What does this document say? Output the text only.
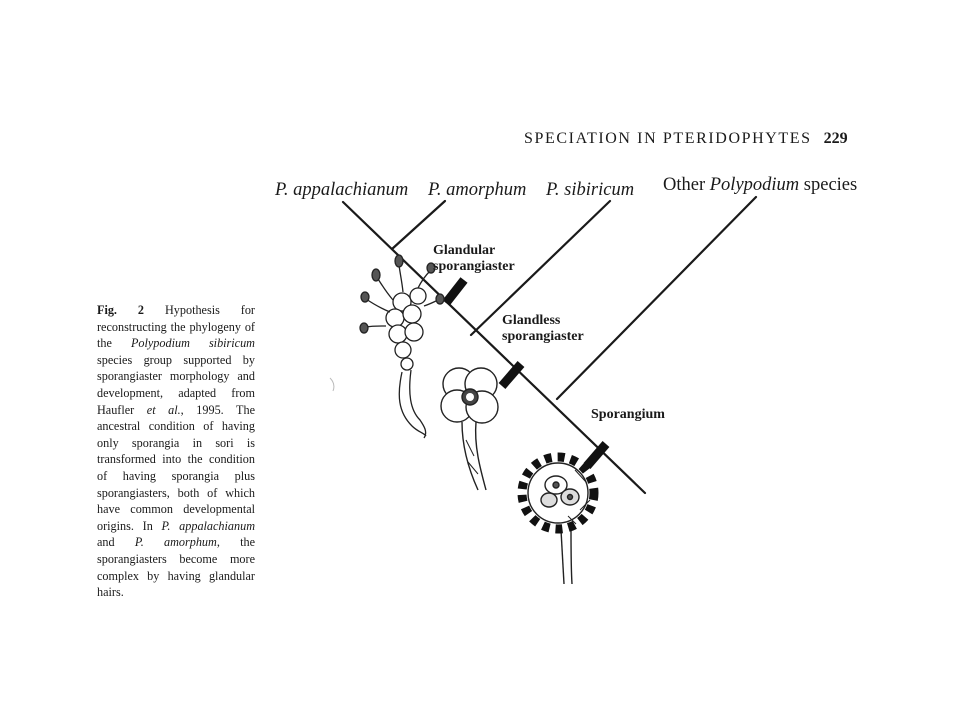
SPECIATION IN PTERIDOPHYTES 229
P. appalachianum P. amorphum P. sibiricum Other Polypodium species
Glandular
sporangiaster
Glandless
sporangiaster
Sporangium
Fig. 2 Hypothesis for reconstructing the phylogeny of the Polypodium sibiricum species group supported by sporangiaster morphology and development, adapted from Haufler et al., 1995. The ancestral condition of having only sporangia in sori is transformed into the condition of having sporangia plus sporangiasters, both of which have common developmental origins. In P. appalachianum and P. amorphum, the sporangiasters become more complex by having glandular hairs.
